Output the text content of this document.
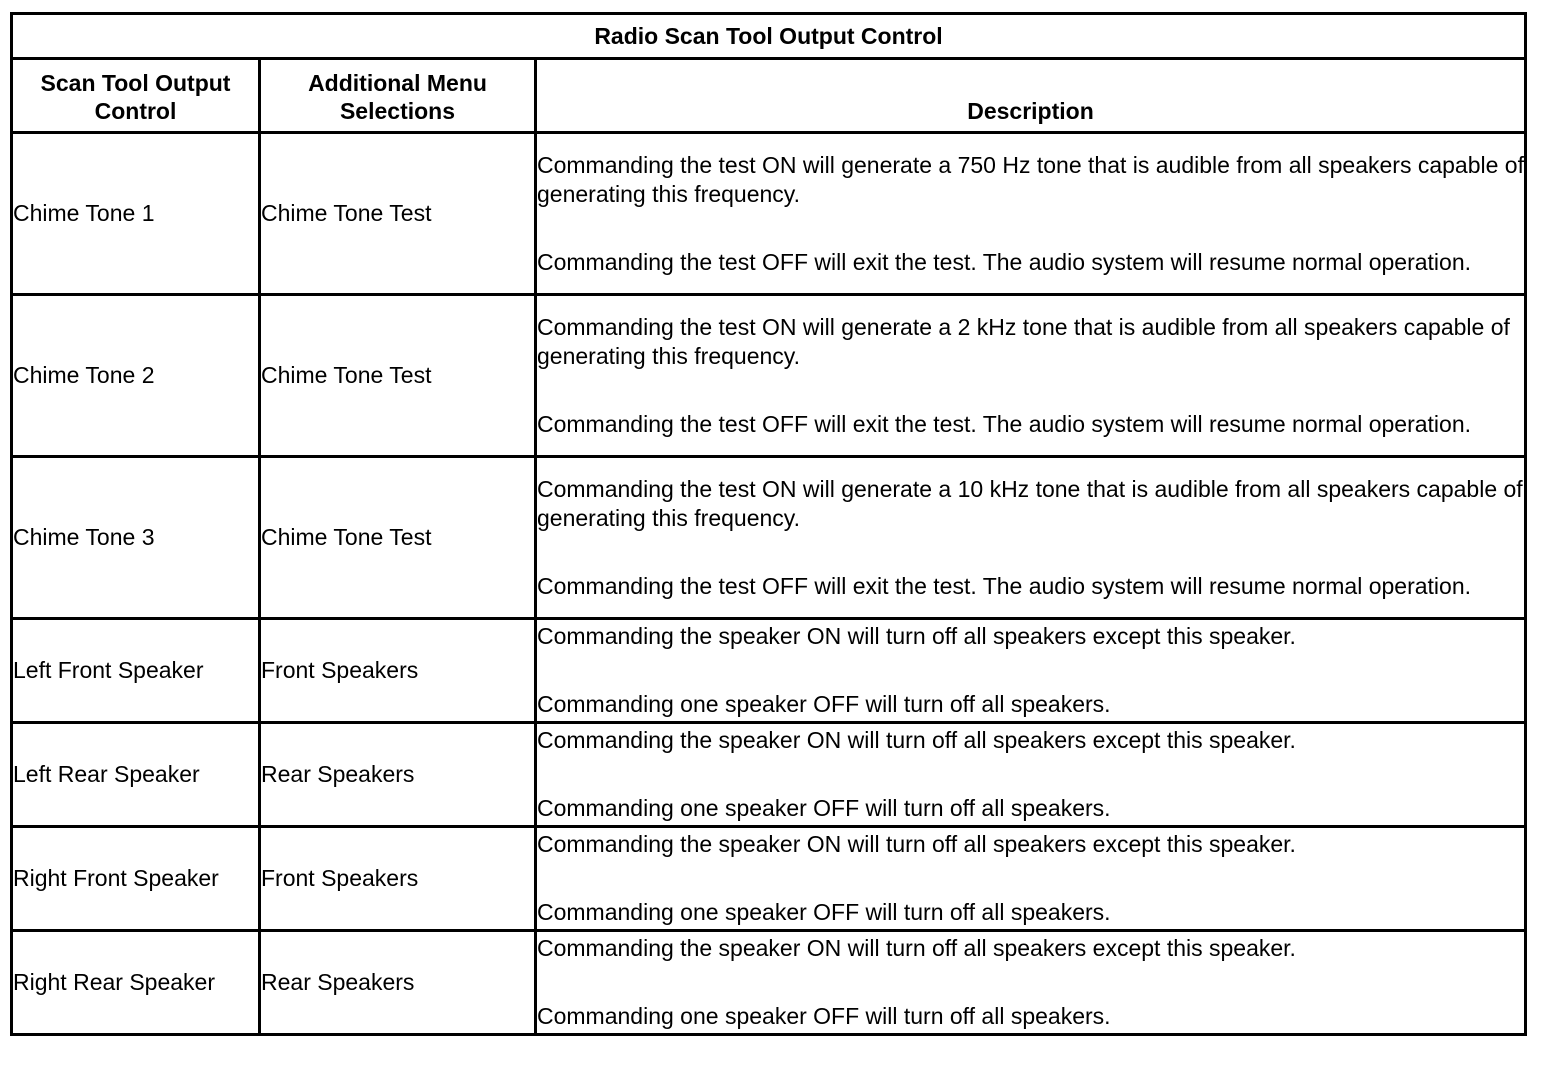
Radio Scan Tool Output Control		

Scan Tool Output Control	Additional Menu Selections	Description
Chime Tone 1	Chime Tone Test	Commanding the test ON will generate a 750 Hz tone that is audible from all speakers capable of generating this frequency.
Commanding the test OFF will exit the test. The audio system will resume normal operation.

Chime Tone 2	Chime Tone Test	Commanding the test ON will generate a 2 kHz tone that is audible from all speakers capable of generating this frequency.
Commanding the test OFF will exit the test. The audio system will resume normal operation.

Chime Tone 3	Chime Tone Test	Commanding the test ON will generate a 10 kHz tone that is audible from all speakers capable of generating this frequency.
Commanding the test OFF will exit the test. The audio system will resume normal operation.

Left Front Speaker	Front Speakers	Commanding the speaker ON will turn off all speakers except this speaker.
Commanding one speaker OFF will turn off all speakers.

Left Rear Speaker	Rear Speakers	Commanding the speaker ON will turn off all speakers except this speaker.
Commanding one speaker OFF will turn off all speakers.

Right Front Speaker	Front Speakers	Commanding the speaker ON will turn off all speakers except this speaker.
Commanding one speaker OFF will turn off all speakers.

Right Rear Speaker	Rear Speakers	Commanding the speaker ON will turn off all speakers except this speaker.
Commanding one speaker OFF will turn off all speakers.
